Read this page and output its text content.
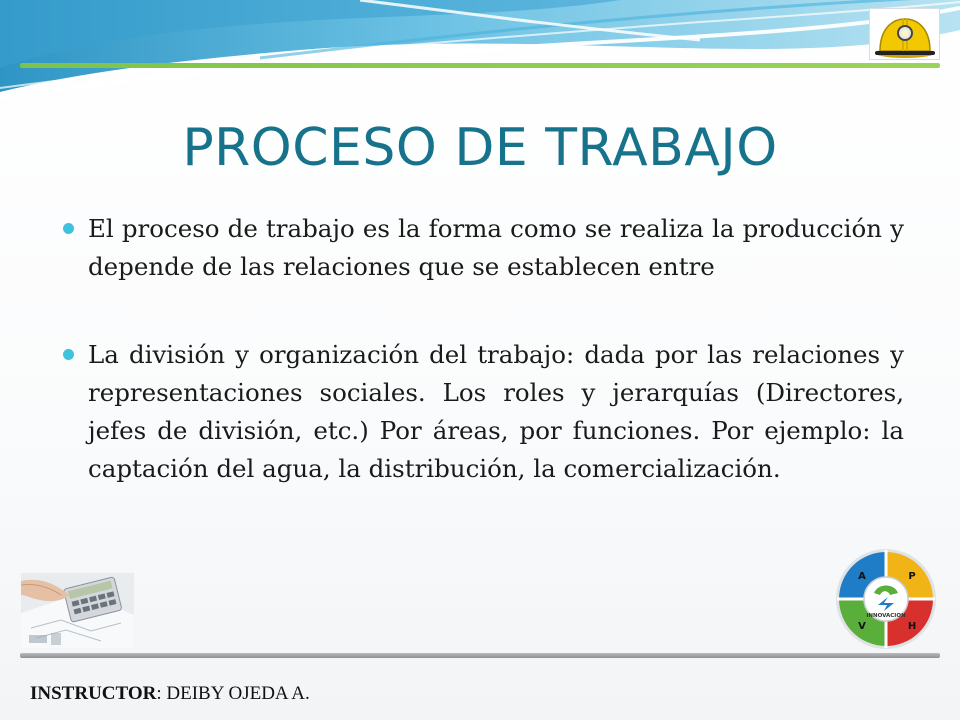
PROCESO DE TRABAJO
El proceso de trabajo es la forma como se realiza la producción y depende de las relaciones que se establecen entre
La división y organización del trabajo: dada por las relaciones y representaciones sociales. Los roles y jerarquías (Directores, jefes de división, etc.) Por áreas, por funciones. Por ejemplo: la captación del agua, la distribución, la comercialización.
INNOVACION
A	P
V	H
INSTRUCTOR: DEIBY OJEDA A.
